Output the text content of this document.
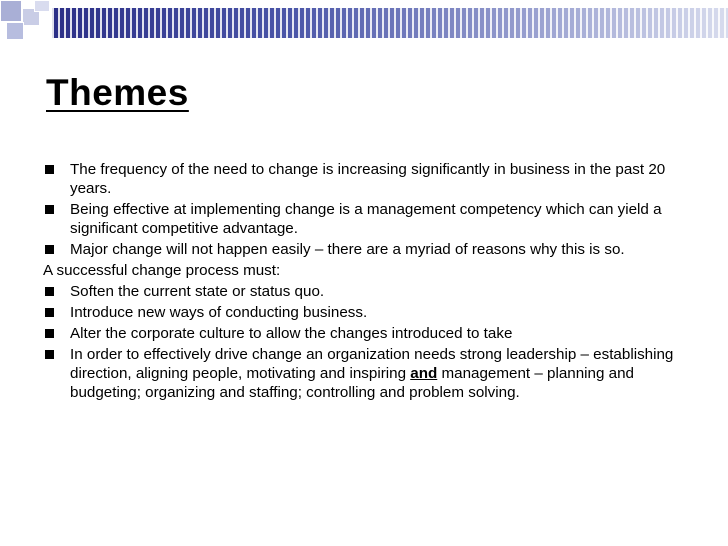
Themes
The frequency of the need to change is increasing significantly in business in the past 20 years.
Being effective at implementing change is a management competency which can yield a significant competitive advantage.
Major change will not happen easily – there are a myriad of reasons why this is so.
A successful change process must:
Soften the current state or status quo.
Introduce new ways of conducting business.
Alter the corporate culture to allow the changes introduced to take
In order to effectively drive change an organization needs strong leadership – establishing direction, aligning people, motivating and inspiring and management – planning and budgeting; organizing and staffing; controlling and problem solving.
